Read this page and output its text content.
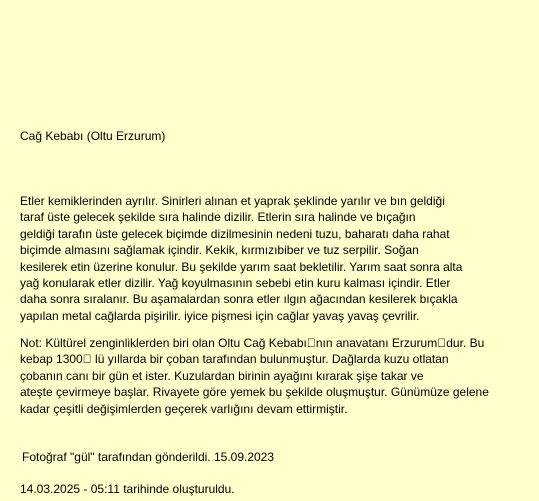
Cağ Kebabı (Oltu Erzurum)

Etler kemiklerinden ayrılır. Sinirleri alınan et yaprak şeklinde yarılır ve bın geldiği
taraf üste gelecek şekilde sıra halinde dizilir. Etlerin sıra halinde ve bıçağın
geldiği tarafın üste gelecek biçimde dizilmesinin nedeni tuzu, baharatı daha rahat
biçimde almasını sağlamak içindir. Kekik, kırmızıbiber ve tuz serpilir. Soğan
kesilerek etin üzerine konulur. Bu şekilde yarım saat bekletilir. Yarım saat sonra alta
yağ konularak etler dizilir. Yağ koyulmasının sebebi etin kuru kalması içindir. Etler
daha sonra sıralanır. Bu aşamalardan sonra etler ılgın ağacından kesilerek bıçakla
yapılan metal cağlarda pişirilir. iyice pişmesi için cağlar yavaş yavaş çevrilir.

Not: Kültürel zenginliklerden biri olan Oltu Cağ Kebabı nın anavatanı Erzurum dur. Bu
kebap 1300  lü yıllarda bir çoban tarafından bulunmuştur. Dağlarda kuzu otlatan
çobanın canı bir gün et ister. Kuzulardan birinin ayağını kırarak şişe takar ve
ateşte çevirmeye başlar. Rivayete göre yemek bu şekilde oluşmuştur. Günümüze gelene
kadar çeşitli değişimlerden geçerek varlığını devam ettirmiştir.

Fotoğraf "gül" tarafından gönderildi. 15.09.2023

14.03.2025 - 05:11 tarihinde oluşturuldu.
